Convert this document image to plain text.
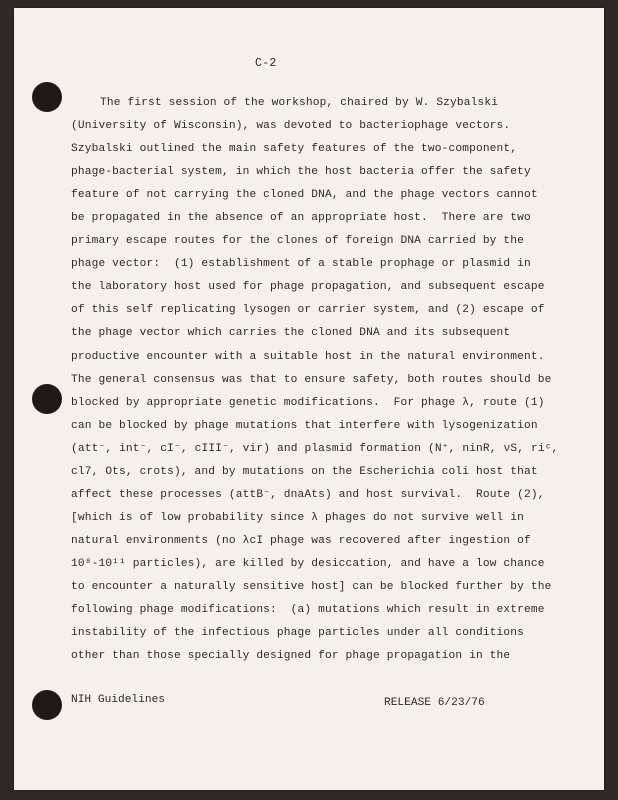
C-2
The first session of the workshop, chaired by W. Szybalski
(University of Wisconsin), was devoted to bacteriophage vectors.
Szybalski outlined the main safety features of the two-component,
phage-bacterial system, in which the host bacteria offer the safety
feature of not carrying the cloned DNA, and the phage vectors cannot
be propagated in the absence of an appropriate host.  There are two
primary escape routes for the clones of foreign DNA carried by the
phage vector:  (1) establishment of a stable prophage or plasmid in
the laboratory host used for phage propagation, and subsequent escape
of this self replicating lysogen or carrier system, and (2) escape of
the phage vector which carries the cloned DNA and its subsequent
productive encounter with a suitable host in the natural environment.
The general consensus was that to ensure safety, both routes should be
blocked by appropriate genetic modifications.  For phage λ, route (1)
can be blocked by phage mutations that interfere with lysogenization
(att⁻, int⁻, cI⁻, cIII⁻, vir) and plasmid formation (N⁺, ninR, νS, riᶜ,
cl7, Ots, crots), and by mutations on the Escherichia coli host that
affect these processes (attB⁻, dnaAts) and host survival.  Route (2),
[which is of low probability since λ phages do not survive well in
natural environments (no λcI phage was recovered after ingestion of
10⁸-10¹¹ particles), are killed by desiccation, and have a low chance
to encounter a naturally sensitive host] can be blocked further by the
following phage modifications:  (a) mutations which result in extreme
instability of the infectious phage particles under all conditions
other than those specially designed for phage propagation in the
NIH Guidelines	RELEASE 6/23/76
